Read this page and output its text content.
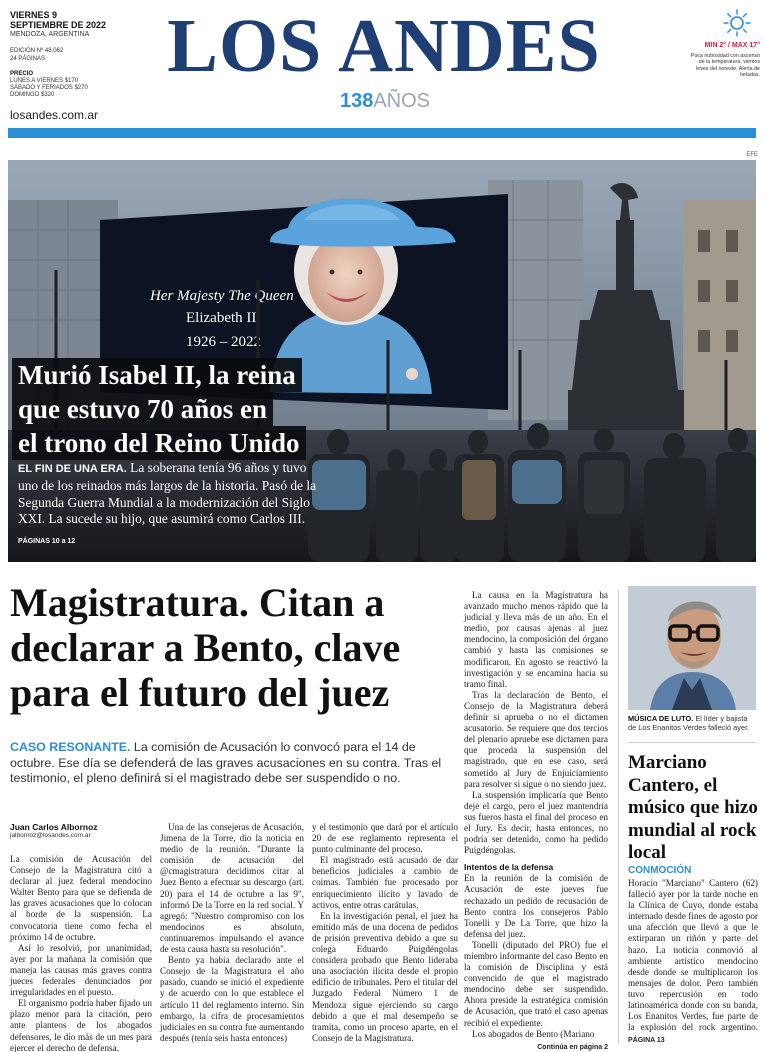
VIERNES 9
SEPTIEMBRE DE 2022
MENDOZA, ARGENTINA
EDICIÓN Nº 48.062
24 PÁGINAS
PRECIO
LUNES A VIERNES $170
SÁBADO Y FERIADOS $270
DOMINGO $320
losandes.com.ar
LOS ANDES
138AÑOS
MIN 2° / MAX 17°
Poca nubosidad con ascenso de la temperatura, vientos leves del noreste. Alerta de heladas.
EFE
Her Majesty The Queen
Elizabeth II
1926 – 2022
Murió Isabel II, la reina
que estuvo 70 años en
el trono del Reino Unido

EL FIN DE UNA ERA. La soberana tenía 96 años y tuvo uno de los reinados más largos de la historia. Pasó de la Segunda Guerra Mundial a la modernización del Siglo XXI. La sucede su hijo, que asumirá como Carlos III. PÁGINAS 10 a 12

Magistratura. Citan a declarar a Bento, clave para el futuro del juez

CASO RESONANTE. La comisión de Acusación lo convocó para el 14 de octubre. Ese día se defenderá de las graves acusaciones en su contra. Tras el testimonio, el pleno definirá si el magistrado debe ser suspendido o no.

Juan Carlos Albornoz
jalbornoz@losandes.com.ar

La comisión de Acusación del Consejo de la Magistratura citó a declarar al juez federal mendocino Walter Bento para que se defienda de las graves acusaciones que lo colocan al borde de la suspensión. La convocatoria tiene como fecha el próximo 14 de octubre.

Así lo resolvió, por unanimidad, ayer por la mañana la comisión que maneja las causas más graves contra jueces federales denunciados por irregularidades en el puesto.

El organismo podría haber fijado un plazo menor para la citación, pero ante planteos de los abogados defensores, le dio más de un mes para ejercer el derecho de defensa.

Una de las consejeras de Acusación, Jimena de la Torre, dio la noticia en medio de la reunión. "Durante la comisión de acusación del @cmagistratura decidimos citar al Juez Bento a efectuar su descargo (art. 20) para el 14 de octubre a las 9", informó De la Torre en la red social. Y agregó: "Nuestro compromiso con los mendocinos es absoluto, continuaremos impulsando el avance de esta causa hasta su resolución".

Bento ya había declarado ante el Consejo de la Magistratura el año pasado, cuando se inició el expediente y de acuerdo con lo que establece el artículo 11 del reglamento interno. Sin embargo, la cifra de procesamientos judiciales en su contra fue aumentando después (tenía seis hasta entonces)

y el testimonio que dará por el artículo 20 de ese reglamento representa el punto culminante del proceso.

El magistrado está acusado de dar beneficios judiciales a cambio de coimas. También fue procesado por enriquecimiento ilícito y lavado de activos, entre otras carátulas.

En la investigación penal, el juez ha emitido más de una docena de pedidos de prisión preventiva debido a que su colega Eduardo Puigdéngolas considera probado que Bento lideraba una asociación ilícita desde el propio edificio de tribunales. Pero el titular del Juzgado Federal Número 1 de Mendoza sigue ejerciendo su cargo debido a que el mal desempeño se tramita, como un proceso aparte, en el Consejo de la Magistratura.

La causa en la Magistratura ha avanzado mucho menos rápido que la judicial y lleva más de un año. En el medio, por causas ajenas al juez mendocino, la composición del órgano cambió y hasta las comisiones se modificaron. En agosto se reactivó la investigación y se encamina hacia su tramo final.

Tras la declaración de Bento, el Consejo de la Magistratura deberá definir si aprueba o no el dictamen acusatorio. Se requiere que dos tercios del plenario apruebe ese dictamen para que proceda la suspensión del magistrado, que en ese caso, será sometido al Jury de Enjuiciamiento para resolver si sigue o no siendo juez.

La suspensión implicaría que Bento deje el cargo, pero el juez mantendría sus fueros hasta el final del proceso en el Jury. Es decir, hasta entonces, no podría ser detenido, como ha pedido Puigdéngolas.

Intentos de la defensa

En la reunión de la comisión de Acusación de este jueves fue rechazado un pedido de recusación de Bento contra los consejeros Pablo Tonelli y De La Torre, que hizo la defensa del juez.

Tonelli (diputado del PRO) fue el miembro informante del caso Bento en la comisión de Disciplina y está convencido de que el magistrado mendocino debe ser suspendido. Ahora preside la estratégica comisión de Acusación, que trató el caso apenas recibió el expediente.

Los abogados de Bento (Mariano

Continúa en página 2

MÚSICA DE LUTO. El líder y bajista de Los Enanitos Verdes falleció ayer.

Marciano Cantero, el músico que hizo mundial al rock local
CONMOCIÓN

Horacio "Marciano" Cantero (62) falleció ayer por la tarde noche en la Clínica de Cuyo, donde estaba internado desde fines de agosto por una afección que llevó a que le extirparan un riñón y parte del hazo. La noticia conmovió al ambiente artístico mendocino desde donde se multiplicaron los mensajes de dolor. Pero también tuvo repercusión en todo latinoamérica donde con su banda, Los Enanitos Verdes, fue parte de la explosión del rock argentino. PÁGINA 13
